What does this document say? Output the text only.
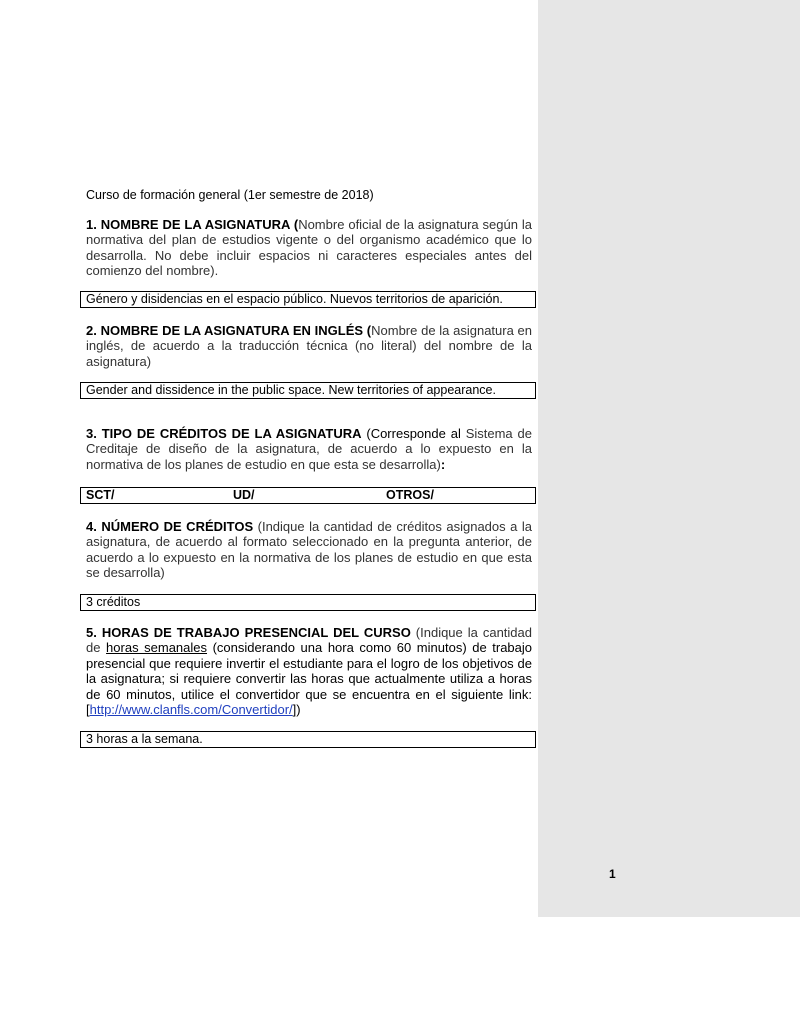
Curso de formación general (1er semestre de 2018)
1. NOMBRE DE LA ASIGNATURA (Nombre oficial de la asignatura según la normativa del plan de estudios vigente o del organismo académico que lo desarrolla. No debe incluir espacios ni caracteres especiales antes del comienzo del nombre).
2. NOMBRE DE LA ASIGNATURA EN INGLÉS (Nombre de la asignatura en inglés, de acuerdo a la traducción técnica (no literal) del nombre de la asignatura)
3. TIPO DE CRÉDITOS DE LA ASIGNATURA (Corresponde al Sistema de Creditaje de diseño de la asignatura, de acuerdo a lo expuesto en la normativa de los planes de estudio en que esta se desarrolla):
4. NÚMERO DE CRÉDITOS (Indique la cantidad de créditos asignados a la asignatura, de acuerdo al formato seleccionado en la pregunta anterior, de acuerdo a lo expuesto en la normativa de los planes de estudio en que esta se desarrolla)
5. HORAS DE TRABAJO PRESENCIAL DEL CURSO (Indique la cantidad de horas semanales (considerando una hora como 60 minutos) de trabajo presencial que requiere invertir el estudiante para el logro de los objetivos de la asignatura; si requiere convertir las horas que actualmente utiliza a horas de 60 minutos, utilice el convertidor que se encuentra en el siguiente link: [http://www.clanfls.com/Convertidor/])
1
Género y disidencias en el espacio público. Nuevos territorios de aparición.
Gender and dissidence in the public space. New territories of appearance.
SCT/	UD/	OTROS/
3 créditos
3 horas a la semana.
